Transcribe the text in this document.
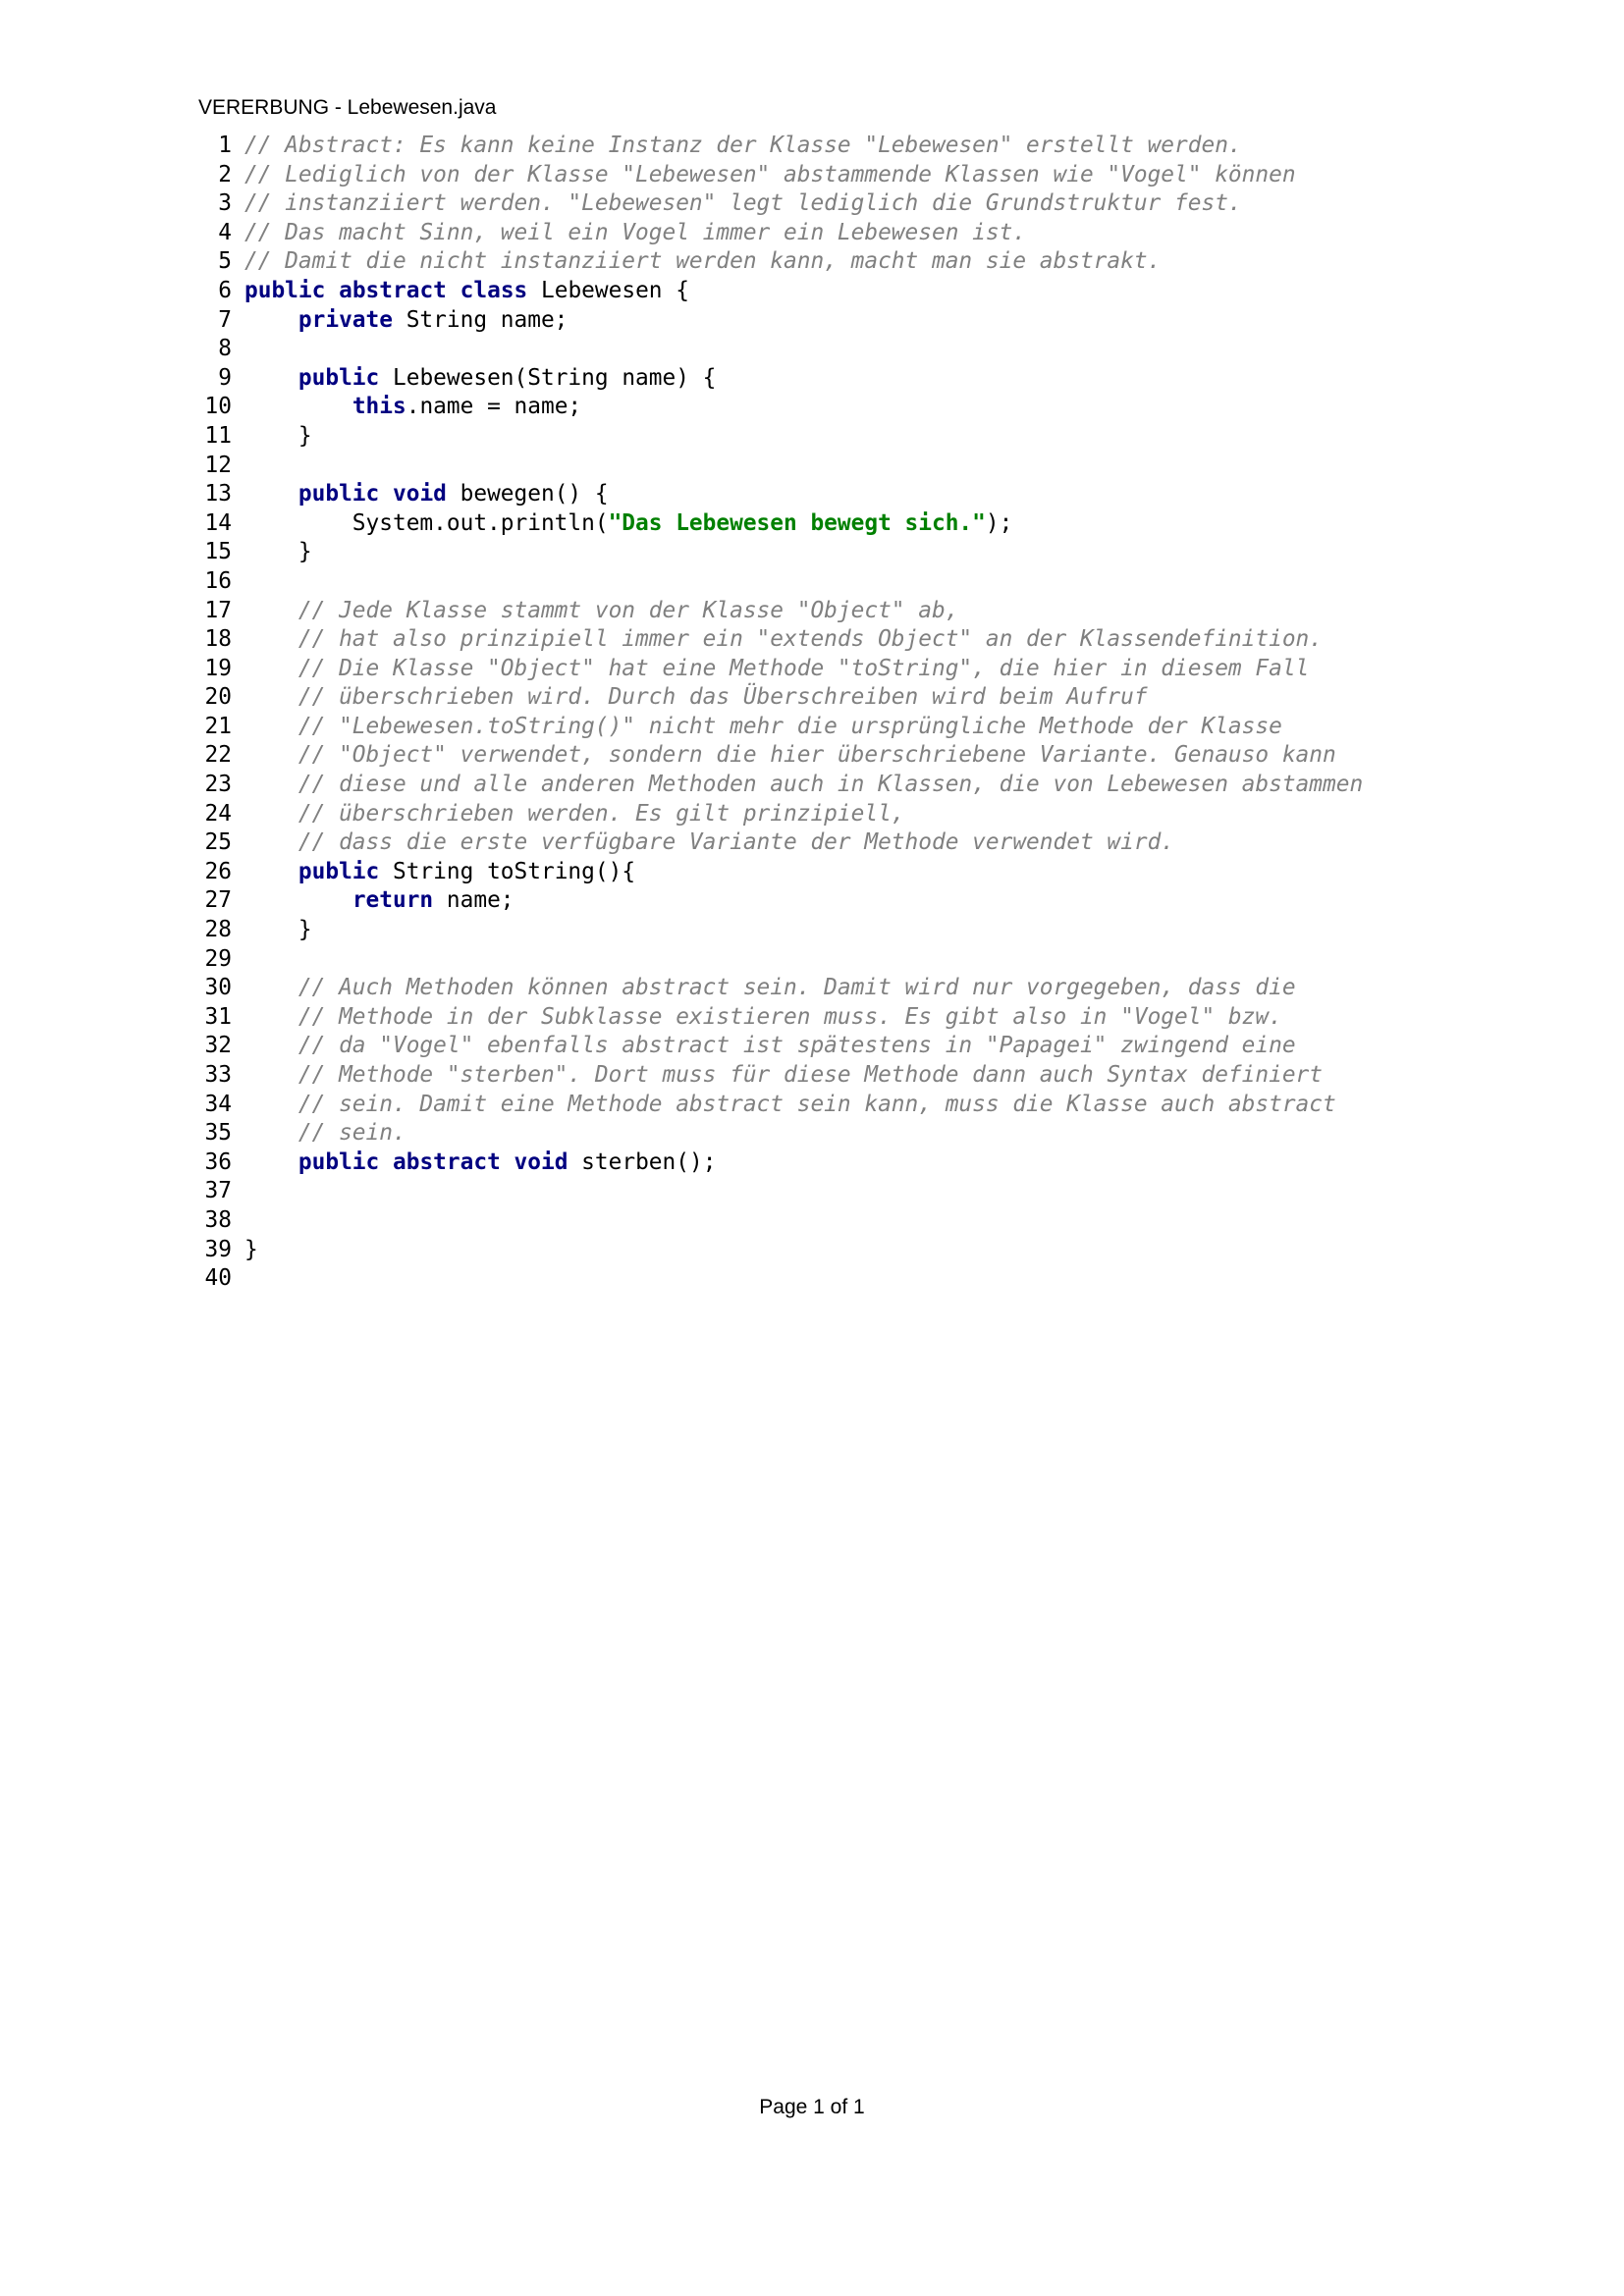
VERERBUNG - Lebewesen.java
1 // Abstract: Es kann keine Instanz der Klasse "Lebewesen" erstellt werden.
2 // Lediglich von der Klasse "Lebewesen" abstammende Klassen wie "Vogel" können
3 // instanziiert werden. "Lebewesen" legt lediglich die Grundstruktur fest.
4 // Das macht Sinn, weil ein Vogel immer ein Lebewesen ist.
5 // Damit die nicht instanziiert werden kann, macht man sie abstrakt.
6 public abstract class Lebewesen {
7	private String name;
8
9	public Lebewesen(String name) {
10	this.name = name;
11 }
12
13	public void bewegen() {
14 System.out.println("Das Lebewesen bewegt sich.");
15 }
16
17	// Jede Klasse stammt von der Klasse "Object" ab,
18	// hat also prinzipiell immer ein "extends Object" an der Klassendefinition.
19	// Die Klasse "Object" hat eine Methode "toString", die hier in diesem Fall
20	// überschrieben wird. Durch das Überschreiben wird beim Aufruf
21	// "Lebewesen.toString()" nicht mehr die ursprüngliche Methode der Klasse
22	// "Object" verwendet, sondern die hier überschriebene Variante. Genauso kann
23	// diese und alle anderen Methoden auch in Klassen, die von Lebewesen abstammen
24	// überschrieben werden. Es gilt prinzipiell,
25	// dass die erste verfügbare Variante der Methode verwendet wird.
26	public String toString(){
27	return name;
28 }
29
30	// Auch Methoden können abstract sein. Damit wird nur vorgegeben, dass die
31	// Methode in der Subklasse existieren muss. Es gibt also in "Vogel" bzw.
32	// da "Vogel" ebenfalls abstract ist spätestens in "Papagei" zwingend eine
33	// Methode "sterben". Dort muss für diese Methode dann auch Syntax definiert
34	// sein. Damit eine Methode abstract sein kann, muss die Klasse auch abstract
35	// sein.
36	public abstract void sterben();
37
38
39 }
40
Page 1 of 1
